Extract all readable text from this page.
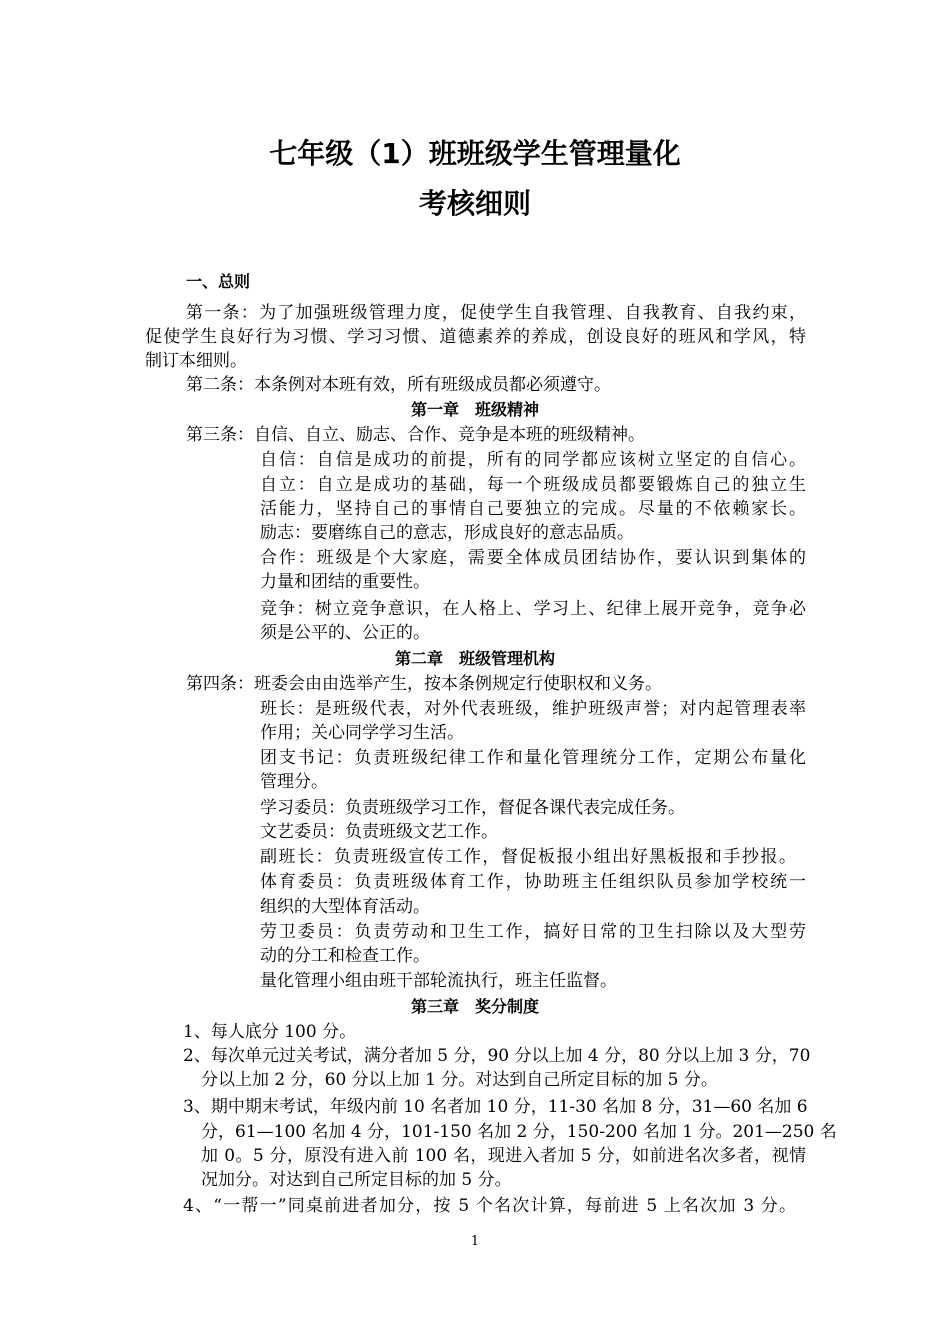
七年级（1）班班级学生管理量化
考核细则
一、总则
第一条：为了加强班级管理力度，促使学生自我管理、自我教育、自我约束，
促使学生良好行为习惯、学习习惯、道德素养的养成，创设良好的班风和学风，特
制订本细则。
第二条：本条例对本班有效，所有班级成员都必须遵守。
第一章　班级精神
第三条：自信、自立、励志、合作、竞争是本班的班级精神。
自信：自信是成功的前提，所有的同学都应该树立坚定的自信心。
自立：自立是成功的基础，每一个班级成员都要锻炼自己的独立生
活能力，坚持自己的事情自己要独立的完成。尽量的不依赖家长。
励志：要磨练自己的意志，形成良好的意志品质。
合作：班级是个大家庭，需要全体成员团结协作，要认识到集体的
力量和团结的重要性。
竞争：树立竞争意识，在人格上、学习上、纪律上展开竞争，竞争必
须是公平的、公正的。
第二章　班级管理机构
第四条：班委会由由选举产生，按本条例规定行使职权和义务。
班长：是班级代表，对外代表班级，维护班级声誉；对内起管理表率
作用；关心同学学习生活。
团支书记：负责班级纪律工作和量化管理统分工作，定期公布量化
管理分。
学习委员：负责班级学习工作，督促各课代表完成任务。
文艺委员：负责班级文艺工作。
副班长：负责班级宣传工作，督促板报小组出好黑板报和手抄报。
体育委员：负责班级体育工作，协助班主任组织队员参加学校统一
组织的大型体育活动。
劳卫委员：负责劳动和卫生工作，搞好日常的卫生扫除以及大型劳
动的分工和检查工作。
量化管理小组由班干部轮流执行，班主任监督。
第三章　奖分制度
1、每人底分 100 分。
2、每次单元过关考试，满分者加 5 分，90 分以上加 4 分，80 分以上加 3 分，70
分以上加 2 分，60 分以上加 1 分。对达到自己所定目标的加 5 分。
3、期中期末考试，年级内前 10 名者加 10 分，11-30 名加 8 分，31—60 名加 6
分，61—100 名加 4 分，101-150 名加 2 分，150-200 名加 1 分。201—250 名
加 0。5 分，原没有进入前 100 名，现进入者加 5 分，如前进名次多者，视情
况加分。对达到自己所定目标的加 5 分。
4、“一帮一”同桌前进者加分，按 5 个名次计算，每前进 5 上名次加 3 分。
1
